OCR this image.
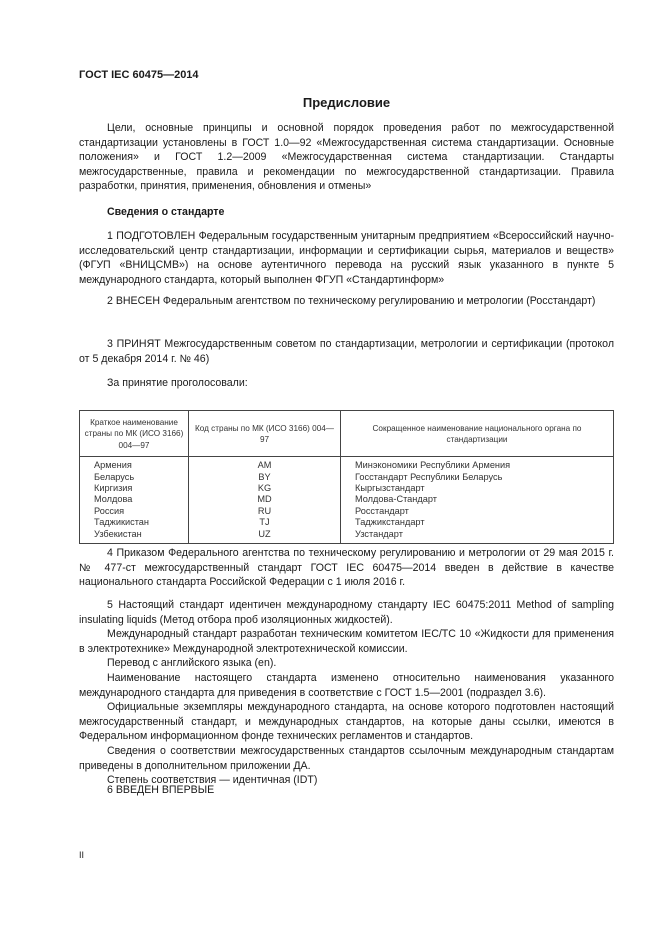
ГОСТ IEC 60475—2014
Предисловие

Цели, основные принципы и основной порядок проведения работ по межгосударственной стандартизации установлены в ГОСТ 1.0—92 «Межгосударственная система стандартизации. Основные положения» и ГОСТ 1.2—2009 «Межгосударственная система стандартизации. Стандарты межгосударственные, правила и рекомендации по межгосударственной стандартизации. Правила разработки, принятия, применения, обновления и отмены»

Сведения о стандарте

1 ПОДГОТОВЛЕН Федеральным государственным унитарным предприятием «Всероссийский научно-исследовательский центр стандартизации, информации и сертификации сырья, материалов и веществ» (ФГУП «ВНИЦСМВ») на основе аутентичного перевода на русский язык указанного в пункте 5 международного стандарта, который выполнен ФГУП «Стандартинформ»

2 ВНЕСЕН Федеральным агентством по техническому регулированию и метрологии (Росстандарт)

3 ПРИНЯТ Межгосударственным советом по стандартизации, метрологии и сертификации (протокол от 5 декабря 2014 г. № 46)

За принятие проголосовали:

Краткое наименование страны по МК (ИСО 3166) 004—97	Код страны по МК (ИСО 3166) 004—97	Сокращенное наименование национального органа по стандартизации
Армения	AM	Минэкономики Республики Армения
Беларусь	BY	Госстандарт Республики Беларусь
Киргизия	KG	Кыргызстандарт
Молдова	MD	Молдова-Стандарт
Россия	RU	Росстандарт
Таджикистан	TJ	Таджикстандарт
Узбекистан	UZ	Узстандарт

4 Приказом Федерального агентства по техническому регулированию и метрологии от 29 мая 2015 г. № 477-ст межгосударственный стандарт ГОСТ IEC 60475—2014 введен в действие в качестве национального стандарта Российской Федерации с 1 июля 2016 г.

5 Настоящий стандарт идентичен международному стандарту IEC 60475:2011 Method of sampling insulating liquids (Метод отбора проб изоляционных жидкостей).

Международный стандарт разработан техническим комитетом IEC/TC 10 «Жидкости для применения в электротехнике» Международной электротехнической комиссии.

Перевод с английского языка (en).

Наименование настоящего стандарта изменено относительно наименования указанного международного стандарта для приведения в соответствие с ГОСТ 1.5—2001 (подраздел 3.6).

Официальные экземпляры международного стандарта, на основе которого подготовлен настоящий межгосударственный стандарт, и международных стандартов, на которые даны ссылки, имеются в Федеральном информационном фонде технических регламентов и стандартов.

Сведения о соответствии межгосударственных стандартов ссылочным международным стандартам приведены в дополнительном приложении ДА.

Степень соответствия — идентичная (IDT)

6 ВВЕДЕН ВПЕРВЫЕ

II
